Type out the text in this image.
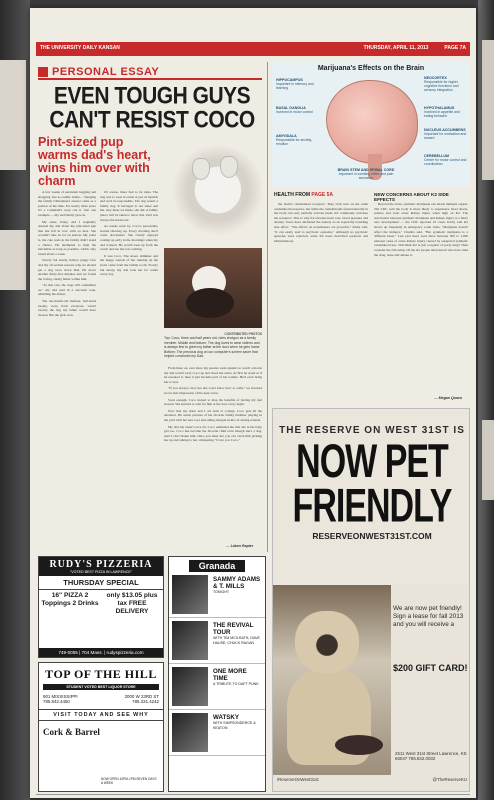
THE UNIVERSITY DAILY KANSAN	THURSDAY, APRIL 11, 2013	PAGE 7A
PERSONAL ESSAY
EVEN TOUGH GUYS CAN'T RESIST COCO
Pint-sized pup warms dad's heart, wins him over with charm

A few weeks of persistent begging and shopping site-to-cuddle home... changing the family Chihuahua's answer came as a portion of the time. For nearly three years it's a Campbell's soup can it. Just one example — my dad finally gave in.

My sister, Kiley, and I originally assured my dad about the pint-sized pup that she fell in love with on hers. She wouldn't take no for an answer. My point is, the cute nods in the family didn't stand a chance. He attempted to hide the inevitable as long as possible, which only lasted about a week.

Slowly but surely, Kiley's puppy face and my oft-recited reasons why we should get a dog wore down Dad. He drove another thirty-five minutes and we found the loving, caring father within him.

"At that rate, the dogs will outnumber us," my dad said in a sarcastic tone, admitting his defeat.

The ten-month-old maltese, ball-sized beauty, away from everyone, wasn't exactly the dog my father would have chosen. But the girls won.

Of course, there had to be rules. The dog was to wear no tutus or put on lipstick and we'd be responsible. The dog wasn't a family dog. It belonged to our sister and me. Any mess we made, she did. A family photo will be taken to show this. Dad was always the harsh one.

As weeks went by, Coco's personality started showing up. Every morning she'd come downstairs. She clearly enjoyed waking up early in the mornings when my dad worked. He would look up from the couch and see she was waiting.

It was Coco. The street, shimmer and the happy sounds of her running up the stairs came from the family room. Slowly but surely, my dad took her for walks every day.

From there on, ever since my parents went upstairs to watch a movie my dad would carry Coco up and down the stairs. At first he acted as if he resented it, then it just became part of his routine. He'd even bring her to bed.

"If you always carry her she won't know how to walk," we mocked in our best impression of his deep voice.

Soon enough, Coco started to map the benefits of having my dad around. She learned to wait for him at the door every night.

Now that my sister and I are both at college, Coco gets all the attention. He sends pictures of his favorite family member playing in the yard with her new toys and riding shotgun in his car during errands.

My dad my sister's love for Coco reminded me that she is his baby girl too. Coco has become the favorite child even though she's a dog. And I can't blame him. Once you meet her you can catch him picking her up and talking to her, whispering "I love you Coco."

— Laken Rapier
CONTRIBUTED PHOTOS
Top: Coco, three and half years old, rides shotgun as a family member. Middle and bottom: The dog loves to wear clothes and is always first to greet my father at the door when he gets home.
Bottom: The precious dog on our computer's screen saver that helped convinced my Dad.
Marijuana's Effects on the Brain
HIPPOCAMPUS
Important in memory and learning
BASAL GANGLIA
Involved in motor control
AMYGDALA
Responsible for anxiety, emotion
NEOCORTEX
Responsible for higher cognitive functions and sensory integration
HYPOTHALAMUS
Involved in appetite and eating behavior
NUCLEUS ACCUMBENS
Important for motivation and reward
CEREBELLUM
Center for motor control and coordination
BRAIN STEM AND SPINAL CORD
Important in vomiting reflex and pain sensation
HEALTH FROM PAGE 5A

the brain's cannabinoid receptors. They both turn on the same cannabinoid receptors, but while the cannabinoids found naturally in the brain can only partially activate them, K2 completely activates the receptors. This is why K2 elevates heart rate, blood pressure and anxiety. Users have attributed the anxiety as an especially troubling side effect. "The effects on nonsmokers are powerful," Kirby said, "It can easily lead to psychotic episodes." Although no psychotic episodes were reported, some K2 users described paranoia and hallucinations.

NEW CONCERNS ABOUT K2 SIDE EFFECTS

Beyond the brain, synthetic marijuana can attack multiple organs. The CDC said the body is more likely to experience heart attack, seizure and even acute kidney injury when high on K2. The association between synthetic marijuana and kidney injury is a fairly new development — the CDC reported 16 cases. Kirby said K2 shows up frequently in emergency room visits. "Marijuana doesn't affect the kidneys," Chudba said. "But synthetic marijuana is a different beast." Last year there were three between 500 to 1,000 national cases of acute kidney injury caused by suspected synthetic cannabinoid use. Still think K2 is just a regular ol' party drug? Then consider the following: Of the six people interviewed who have tried the drug, none still smoke it.

— Megan Quaco
THE RESERVE ON WEST 31ST IS
NOW PET FRIENDLY
RESERVEONWEST31ST.COM
We are now pet friendly! Sign a lease for fall 2013 and you will receive a
$200 GIFT CARD!
2511 West 31st Street Lawrence, KS 66047 785.842.0032
/ReserveOnWest31st	@TheReserveKU
RUDY'S PIZZERIA
"VOTED BEST PIZZA IN LAWRENCE"
THURSDAY SPECIAL
16" PIZZA 2 Toppings 2 Drinks
only $13.05 plus tax FREE DELIVERY
749-0055 | 704 Mass. | rudyspizzeria.com
TOP OF THE HILL
STUDENT VOTED BEST LIQUOR STORE
901 MISSISSIPPI 785.842.4450
2000 W 23RD ST 785.331.4242
VISIT TODAY AND SEE WHY
Cork & Barrel
NOW OPEN 10PM-1PM SEVEN DAYS A WEEK
Granada
SAMMY ADAMS & T. MILLS
TONIGHT
THE REVIVAL TOUR
WITH TIM MCILRATH, DAVE HAUSE, CHUCK RAGAN
ONE MORE TIME
A TRIBUTE TO DAFT PUNK
WATSKY
WITH SIMPSONDERCE & KEATON
